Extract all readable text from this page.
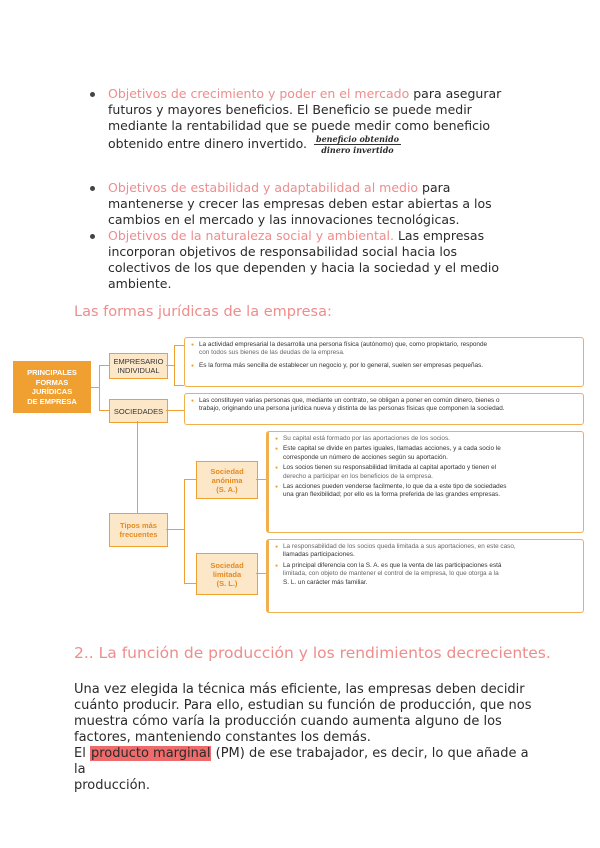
Objetivos de crecimiento y poder en el mercado para asegurar
futuros y mayores beneficios. El Beneficio se puede medir
mediante la rentabilidad que se puede medir como beneficio
obtenido entre dinero invertido. $\frac{\text{beneficio obtenido}}{\text{dinero invertido}}$
Objetivos de estabilidad y adaptabilidad al medio para
mantenerse y crecer las empresas deben estar abiertas a los
cambios en el mercado y las innovaciones tecnológicas.
Objetivos de la naturaleza social y ambiental. Las empresas
incorporan objetivos de responsabilidad social hacia los
colectivos de los que dependen y hacia la sociedad y el medio
ambiente.
Las formas jurídicas de la empresa:
PRINCIPALES
FORMAS
JURÍDICAS
DE EMPRESA
EMPRESARIO
INDIVIDUAL
● La actividad empresarial la desarrolla una persona física (autónomo) que, como propietario, responde
con todos sus bienes de las deudas de la empresa.
● Es la forma más sencilla de establecer un negocio y, por lo general, suelen ser empresas pequeñas.
SOCIEDADES
● Las constituyen varias personas que, mediante un contrato, se obligan a poner en común dinero, bienes o
trabajo, originando una persona jurídica nueva y distinta de las personas físicas que componen la sociedad.
Tipos más
frecuentes
Sociedad
anónima
(S. A.)
● Su capital está formado por las aportaciones de los socios.
● Este capital se divide en partes iguales, llamadas acciones, y a cada socio le
corresponde un número de acciones según su aportación.
● Los socios tienen su responsabilidad limitada al capital aportado y tienen el
derecho a participar en los beneficios de la empresa.
● Las acciones pueden venderse facilmente, lo que da a este tipo de sociedades
una gran flexibilidad; por ello es la forma preferida de las grandes empresas.
Sociedad
limitada
(S. L.)
● La responsabilidad de los socios queda limitada a sus aportaciones, en este caso,
llamadas participaciones.
● La principal diferencia con la S. A. es que la venta de las participaciones está
limitada, con objeto de mantener el control de la empresa, lo que otorga a la
S. L. un carácter más familiar.
2.. La función de producción y los rendimientos decrecientes.
Una vez elegida la técnica más eficiente, las empresas deben decidir
cuánto producir. Para ello, estudian su función de producción, que nos
muestra cómo varía la producción cuando aumenta alguno de los
factores, manteniendo constantes los demás.
El producto marginal (PM) de ese trabajador, es decir, lo que añade a la
producción.
